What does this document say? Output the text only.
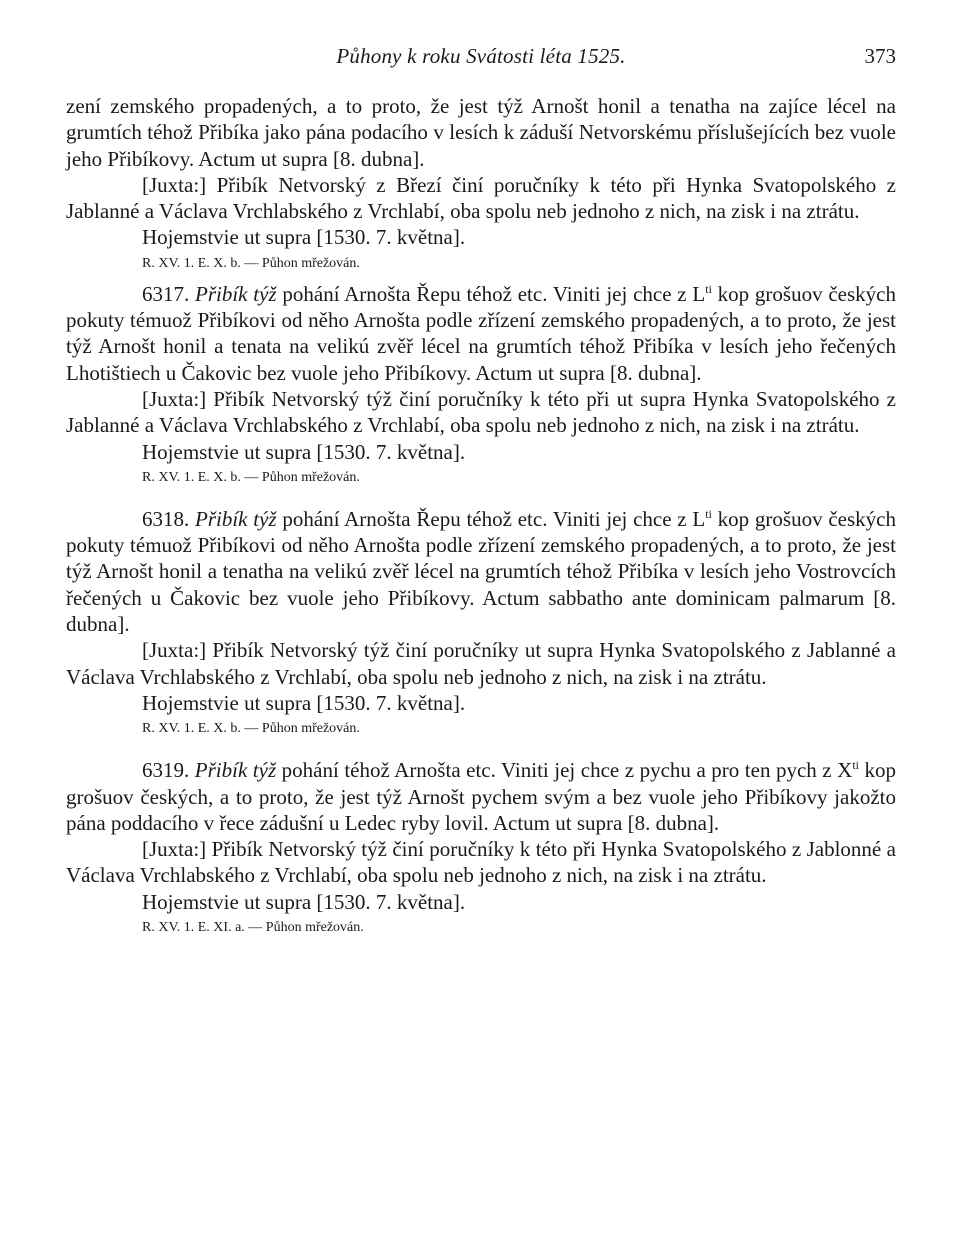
Půhony k roku Svátosti léta 1525.	373

zení zemského propadených, a to proto, že jest týž Arnošt honil a tenatha na zajíce lécel na grumtích téhož Přibíka jako pána podacího v lesích k záduší Netvorskému příslušejících bez vuole jeho Přibíkovy. Actum ut supra [8. dubna].

[Juxta:] Přibík Netvorský z Březí činí poručníky k této při Hynka Svatopolského z Jablanné a Václava Vrchlabského z Vrchlabí, oba spolu neb jednoho z nich, na zisk i na ztrátu.

Hojemstvie ut supra [1530. 7. května].

R. XV. 1. E. X. b. — Půhon mřežován.

6317. Přibík týž pohání Arnošta Řepu téhož etc. Viniti jej chce z $L^{ti}$ kop grošuov českých pokuty témuož Přibíkovi od něho Arnošta podle zřízení zemského propadených, a to proto, že jest týž Arnošt honil a tenata na velikú zvěř lécel na grumtích téhož Přibíka v lesích jeho řečených Lhotištiech u Čakovic bez vuole jeho Přibíkovy. Actum ut supra [8. dubna].

[Juxta:] Přibík Netvorský týž činí poručníky k této při ut supra Hynka Svatopolského z Jablanné a Václava Vrchlabského z Vrchlabí, oba spolu neb jednoho z nich, na zisk i na ztrátu.

Hojemstvie ut supra [1530. 7. května].

R. XV. 1. E. X. b. — Půhon mřežován.

6318. Přibík týž pohání Arnošta Řepu téhož etc. Viniti jej chce z $L^{ti}$ kop grošuov českých pokuty témuož Přibíkovi od něho Arnošta podle zřízení zemského propadených, a to proto, že jest týž Arnošt honil a tenatha na velikú zvěř lécel na grumtích téhož Přibíka v lesích jeho Vostrovcích řečených u Čakovic bez vuole jeho Přibíkovy. Actum sabbatho ante dominicam palmarum [8. dubna].

[Juxta:] Přibík Netvorský týž činí poručníky ut supra Hynka Svatopolského z Jablanné a Václava Vrchlabského z Vrchlabí, oba spolu neb jednoho z nich, na zisk i na ztrátu.

Hojemstvie ut supra [1530. 7. května].

R. XV. 1. E. X. b. — Půhon mřežován.

6319. Přibík týž pohání téhož Arnošta etc. Viniti jej chce z pychu a pro ten pych z $X^{ti}$ kop grošuov českých, a to proto, že jest týž Arnošt pychem svým a bez vuole jeho Přibíkovy jakožto pána poddacího v řece zádušní u Ledec ryby lovil. Actum ut supra [8. dubna].

[Juxta:] Přibík Netvorský týž činí poručníky k této při Hynka Svatopolského z Jablonné a Václava Vrchlabského z Vrchlabí, oba spolu neb jednoho z nich, na zisk i na ztrátu.

Hojemstvie ut supra [1530. 7. května].

R. XV. 1. E. XI. a. — Půhon mřežován.
